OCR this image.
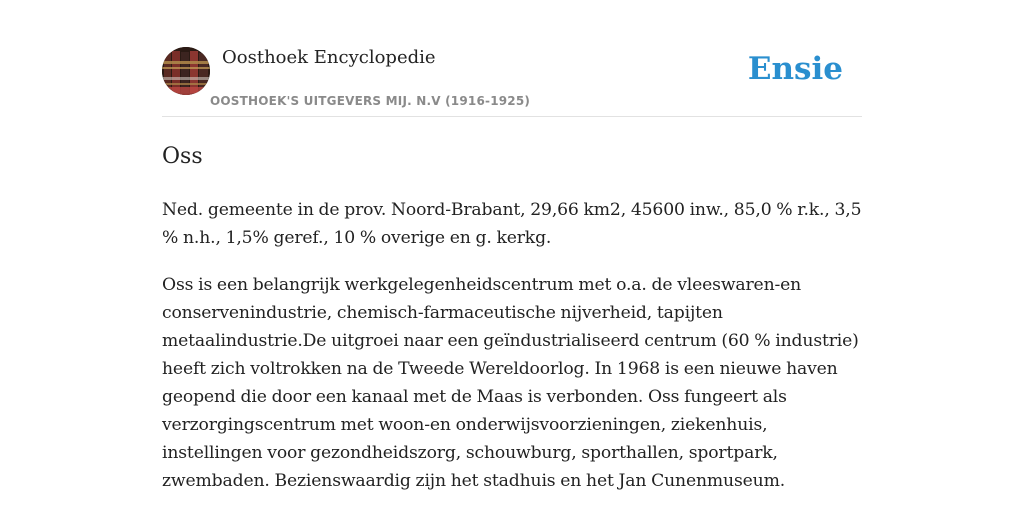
Oosthoek Encyclopedie
OOSTHOEK'S UITGEVERS MIJ. N.V (1916-1925)
Ensie
Oss

Ned. gemeente in de prov. Noord-Brabant, 29,66 km2, 45600 inw., 85,0 % r.k., 3,5 % n.h., 1,5% geref., 10 % overige en g. kerkg.

Oss is een belangrijk werkgelegenheidscentrum met o.a. de vleeswaren-en conservenindustrie, chemisch-farmaceutische nijverheid, tapijten metaalindustrie.De uitgroei naar een geïndustrialiseerd centrum (60 % industrie) heeft zich voltrokken na de Tweede Wereldoorlog. In 1968 is een nieuwe haven geopend die door een kanaal met de Maas is verbonden. Oss fungeert als verzorgingscentrum met woon-en onderwijsvoorzieningen, ziekenhuis, instellingen voor gezondheidszorg, schouwburg, sporthallen, sportpark, zwembaden. Bezienswaardig zijn het stadhuis en het Jan Cunenmuseum.
